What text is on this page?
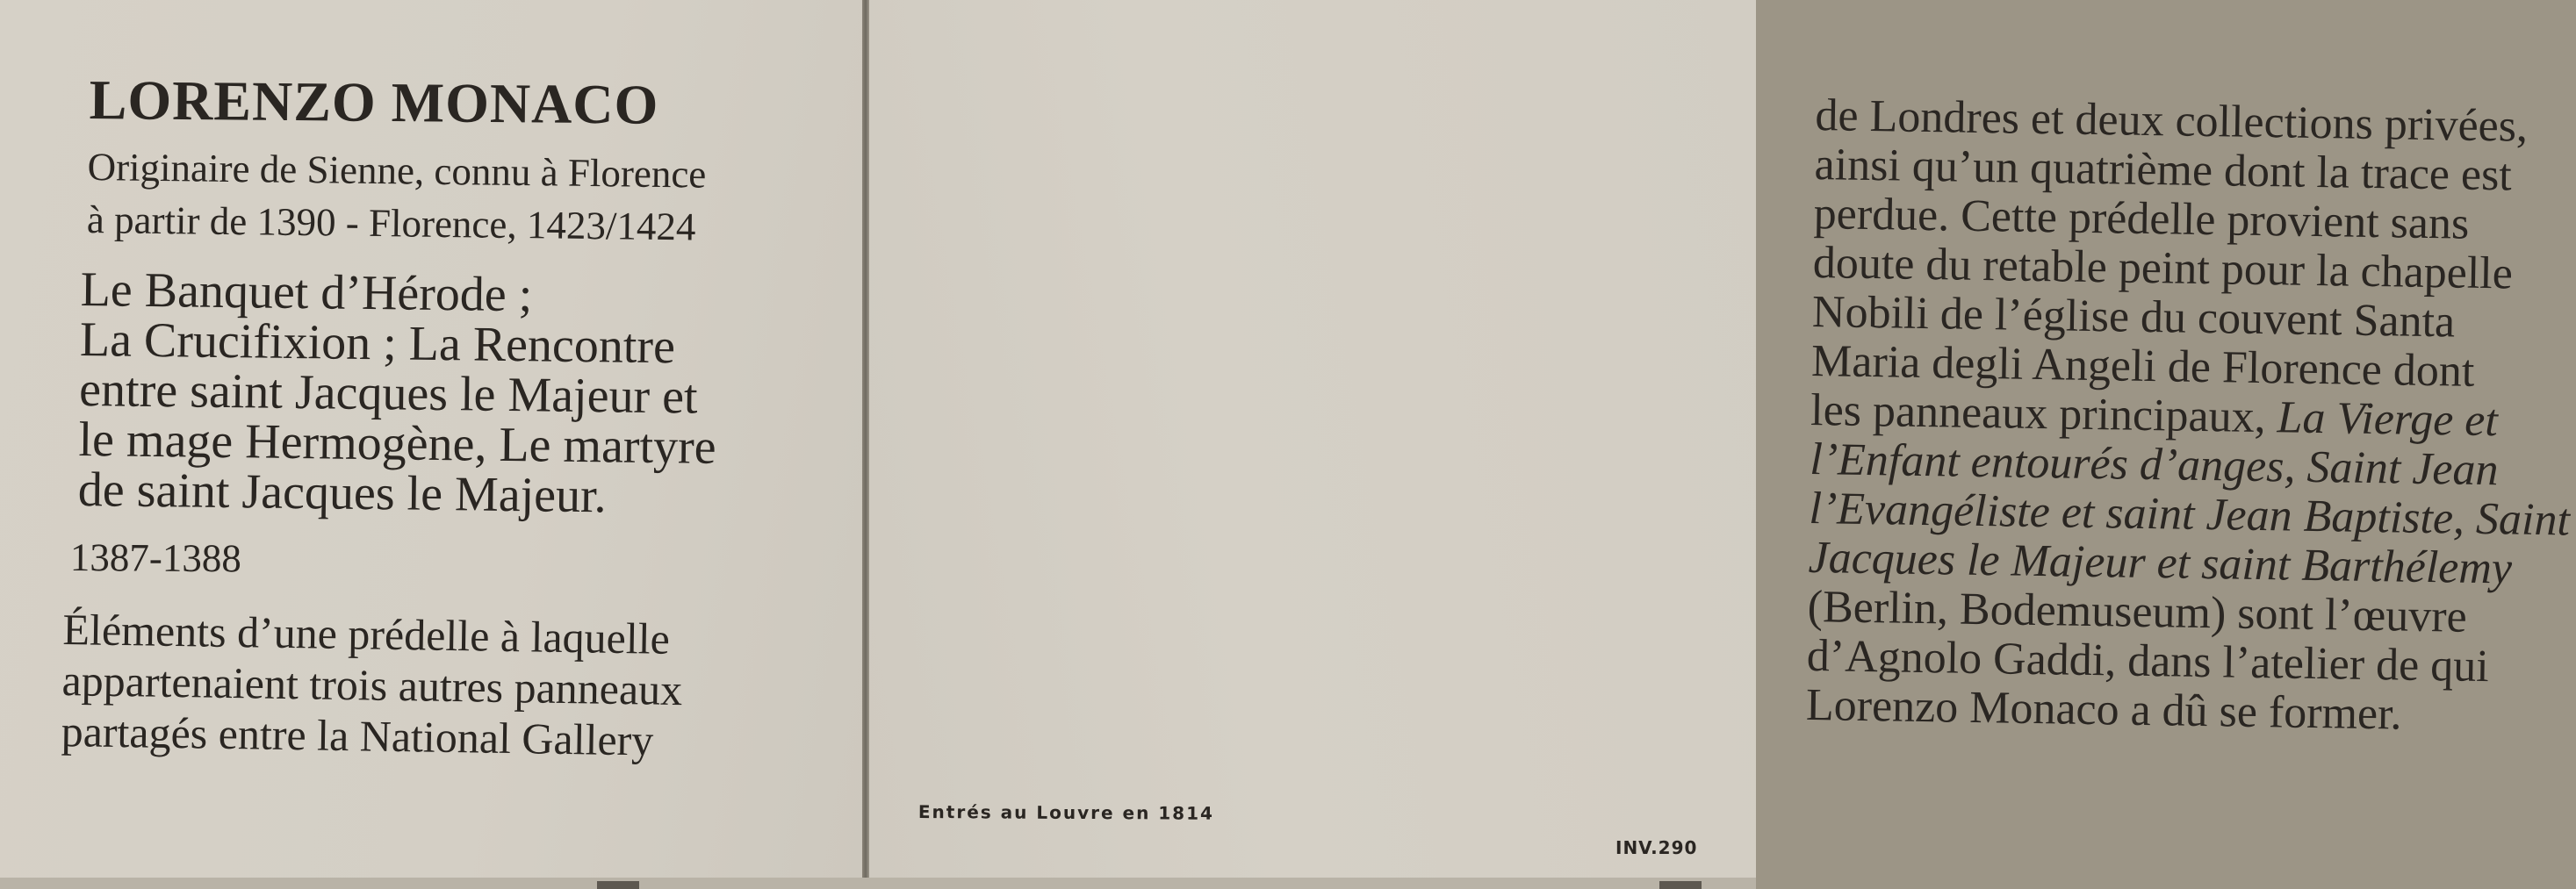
LORENZO MONACO
Originaire de Sienne, connu à Florence
à partir de 1390 - Florence, 1423/1424
Le Banquet d’Hérode ;
La Crucifixion ; La Rencontre
entre saint Jacques le Majeur et
le mage Hermogène, Le martyre
de saint Jacques le Majeur.
1387-1388
Éléments d’une prédelle à laquelle
appartenaient trois autres panneaux
partagés entre la National Gallery
de Londres et deux collections privées,
ainsi qu’un quatrième dont la trace est
perdue. Cette prédelle provient sans
doute du retable peint pour la chapelle
Nobili de l’église du couvent Santa
Maria degli Angeli de Florence dont
les panneaux principaux, La Vierge et
l’Enfant entourés d’anges, Saint Jean
l’Evangéliste et saint Jean Baptiste, Saint
Jacques le Majeur et saint Barthélemy
(Berlin, Bodemuseum) sont l’œuvre
d’Agnolo Gaddi, dans l’atelier de qui
Lorenzo Monaco a dû se former.
Entrés au Louvre en 1814
INV.290
